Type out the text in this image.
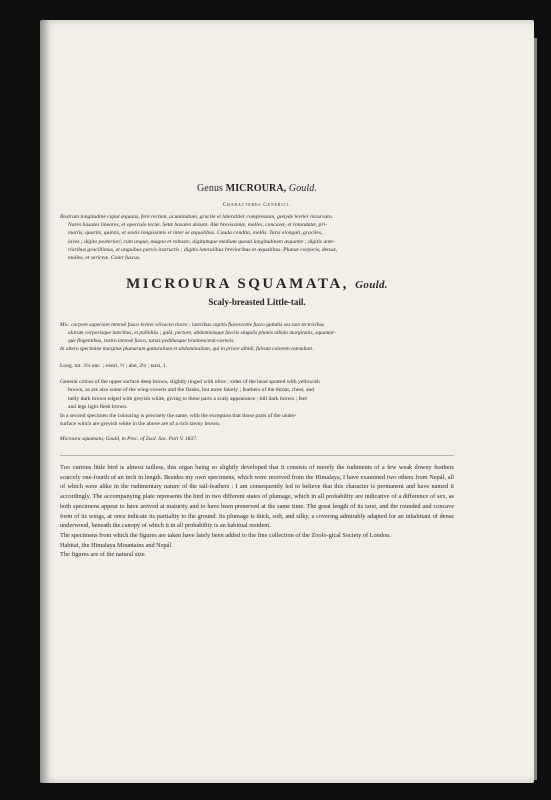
Genus MICROURA, Gould.
Characteres Generici.
Rostrum longitudine caput æquans, ferè rectum, acuminatum, gracile et lateraliter compressum, gonyde leviter incurvato.
Nares basales lineares, et operculo tectæ. Setæ basales desunt. Alæ brevissimæ, molles, concavæ, et rotundatæ, pri-
mariis, quartis, quintis, et sextis longissimis et inter se æqualibus. Cauda condita, mollis. Tarsi elongati, graciles,
laves ; digito posteriori, cum ungue, magno et robusto, digitumque medium quoad longitudinem æquante ; digitis ante-
rioribus gracillimus, et unguibus parvis instructis ; digitis lateralibus brevioribus et æqualibus. Plumæ corporis, densæ,
molles, et sericeæ. Color fuscus.
MICROURA SQUAMATA, Gould.
Scaly-breasted Little-tail.
Mic. corpore superiore intensè fusco leviter olivaceo tincto ; lateribus capitis flavescente fusco guttatis sex non tectricibus
alarum corporisque lateribus, et pallidiùs ; gulâ, pectore, abdominisque fasciis singulis plumis albido marginatis, squamar-
que fingentibus, rostro intensè fusco, tarsis pedibusque brunnescenti-carneis.
In altero specimine marginæ plumarum gutturalium et abdominalium, qui in priore albidi, fulvum colorem ostendunt.
Long. tot. 3¼ unc. ; rostri, ½ ; alæ, 2⅛ ; tarsi, 1.
General colour of the upper surface deep brown, slightly tinged with olive ; sides of the head spotted with yellowish
brown, as are also some of the wing-coverts and the flanks, but more faintly ; feathers of the throat, chest, and
belly dark brown edged with greyish white, giving to these parts a scaly appearance ; bill dark brown ; feet
and legs light flesh brown.
In a second specimen the colouring is precisely the same, with the exception that those parts of the under-
surface which are greyish white in the above are of a rich tawny brown.
Microura squamata, Gould, in Proc. of Zool. Soc. Part V. 1837.

This curious little bird is almost tailless, this organ being so slightly developed that it consists of merely the rudiments of a few weak downy feathers scarcely one-fourth of an inch in length. Besides my own specimens, which were received from the Himalaya, I have examined two others from Nepál, all of which were alike in the rudimentary nature of the tail-feathers : I am consequently led to believe that this character is permanent and have named it accordingly. The accompanying plate represents the bird in two different states of plumage, which in all probability are indicative of a difference of sex, as both specimens appear to have arrived at maturity and to have been preserved at the same time. The great length of its tarsi, and the rounded and concave form of its wings, at once indicate its partiality to the ground. Its plumage is thick, soft, and silky, a covering admirably adapted for an inhabitant of dense underwood, beneath the canopy of which it in all probability is an habitual resident.

The specimens from which the figures are taken have lately been added to the fine collection of the Zoolo-gical Society of London.

Habitat, the Himalaya Mountains and Nepál.

The figures are of the natural size.
